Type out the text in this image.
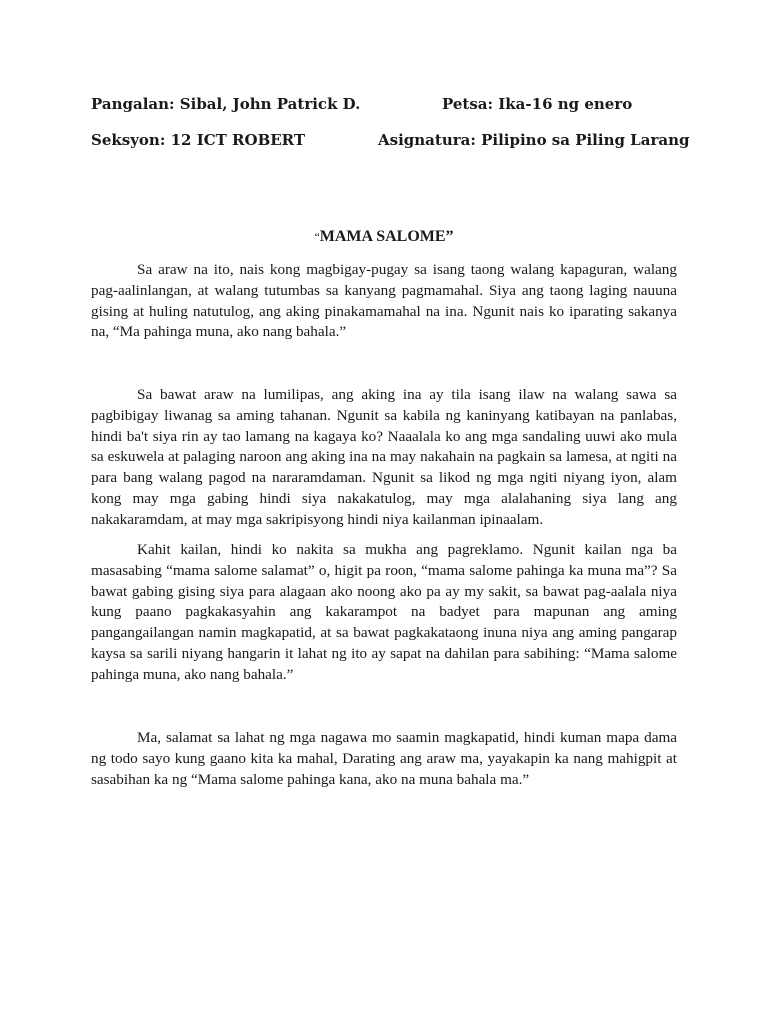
Pangalan: Sibal, John Patrick D.	Petsa: Ika-16 ng enero
Seksyon: 12 ICT ROBERT	Asignatura: Pilipino sa Piling Larang
“MAMA SALOME”

Sa araw na ito, nais kong magbigay-pugay sa isang taong walang kapaguran, walang pag-aalinlangan, at walang tutumbas sa kanyang pagmamahal. Siya ang taong laging nauuna gising at huling natutulog, ang aking pinakamamahal na ina. Ngunit nais ko iparating sakanya na, “Ma pahinga muna, ako nang bahala.”

Sa bawat araw na lumilipas, ang aking ina ay tila isang ilaw na walang sawa sa pagbibigay liwanag sa aming tahanan. Ngunit sa kabila ng kaninyang katibayan na panlabas, hindi ba't siya rin ay tao lamang na kagaya ko? Naaalala ko ang mga sandaling uuwi ako mula sa eskuwela at palaging naroon ang aking ina na may nakahain na pagkain sa lamesa, at ngiti na para bang walang pagod na nararamdaman. Ngunit sa likod ng mga ngiti niyang iyon, alam kong may mga gabing hindi siya nakakatulog, may mga alalahaning siya lang ang nakakaramdam, at may mga sakripisyong hindi niya kailanman ipinaalam.

Kahit kailan, hindi ko nakita sa mukha ang pagreklamo. Ngunit kailan nga ba masasabing “mama salome salamat” o, higit pa roon, “mama salome pahinga ka muna ma”? Sa bawat gabing gising siya para alagaan ako noong ako pa ay my sakit, sa bawat pag-aalala niya kung paano pagkakasyahin ang kakarampot na badyet para mapunan ang aming pangangailangan namin magkapatid, at sa bawat pagkakataong inuna niya ang aming pangarap kaysa sa sarili niyang hangarin it lahat ng ito ay sapat na dahilan para sabihing: “Mama salome pahinga muna, ako nang bahala.”

Ma, salamat sa lahat ng mga nagawa mo saamin magkapatid, hindi kuman mapa dama ng todo sayo kung gaano kita ka mahal, Darating ang araw ma, yayakapin ka nang mahigpit at sasabihan ka ng “Mama salome pahinga kana, ako na muna bahala ma.”
